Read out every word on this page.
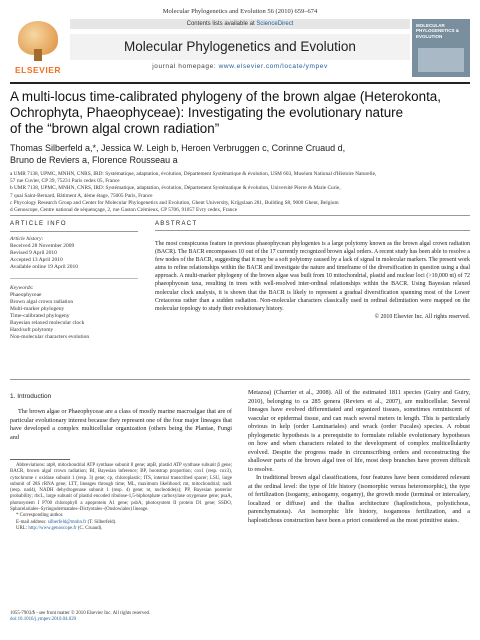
Molecular Phylogenetics and Evolution 56 (2010) 659–674
ELSEVIER
Contents lists available at ScienceDirect
Molecular Phylogenetics and Evolution
journal homepage: www.elsevier.com/locate/ympev
MOLECULAR PHYLOGENETICS & EVOLUTION
A multi-locus time-calibrated phylogeny of the brown algae (Heterokonta,
Ochrophyta, Phaeophyceae): Investigating the evolutionary nature
of the “brown algal crown radiation”
Thomas Silberfeld a,*, Jessica W. Leigh b, Heroen Verbruggen c, Corinne Cruaud d,
Bruno de Reviers a, Florence Rousseau a
a UMR 7138, UPMC, MNHN, CNRS, IRD: Systématique, adaptation, évolution, Département Systématique & évolution, USM 603, Muséum National d'Histoire Naturelle,
57 rue Cuvier, CP 39, 75231 Paris cedex 05, France
b UMR 7138, UPMC, MNHN, CNRS, IRD: Systématique, adaptation, évolution, Département Systématique & évolution, Université Pierre & Marie Curie,
7 quai Saint-Bernard, Bâtiment A, 4ème étage, 75005 Paris, France
c Phycology Research Group and Center for Molecular Phylogenetics and Evolution, Ghent University, Krijgslaan 281, Building S8, 9000 Ghent, Belgium
d Genoscope, Centre national de séquençage, 2, rue Gaston Crémieux, CP 5706, 91057 Evry cedex, France
ARTICLE INFO
Article history:
Received 28 November 2009
Revised 9 April 2010
Accepted 13 April 2010
Available online 19 April 2010
Keywords:
Phaeophyceae
Brown algal crown radiation
Multi-marker phylogeny
Time-calibrated phylogeny
Bayesian relaxed molecular clock
Hard/soft polytomy
Non-molecular characters evolution
ABSTRACT
The most conspicuous feature in previous phaeophycean phylogenies is a large polytomy known as the brown algal crown radiation (BACR). The BACR encompasses 10 out of the 17 currently recognized brown algal orders. A recent study has been able to resolve a few nodes of the BACR, suggesting that it may be a soft polytomy caused by a lack of signal in molecular markers. The present work aims to refine relationships within the BACR and investigate the nature and timeframe of the diversification in question using a dual approach. A multi-marker phylogeny of the brown algae was built from 10 mitochondrial, plastid and nuclear loci (>10,000 nt) of 72 phaeophycean taxa, resulting in trees with well-resolved inter-ordinal relationships within the BACR. Using Bayesian relaxed molecular clock analysis, it is shown that the BACR is likely to represent a gradual diversification spanning most of the Lower Cretaceous rather than a sudden radiation. Non-molecular characters classically used in ordinal delimitation were mapped on the molecular topology to study their evolutionary history.
© 2010 Elsevier Inc. All rights reserved.
1. Introduction
The brown algae or Phaeophyceae are a class of mostly marine macroalgae that are of particular evolutionary interest because they represent one of the four major lineages that have developed a complex multicellular organization (others being the Plantae, Fungi and
Metazoa) (Charrier et al., 2008). All of the estimated 1811 species (Guiry and Guiry, 2010), belonging to ca 285 genera (Reviers et al., 2007), are multicellular. Several lineages have evolved differentiated and organized tissues, sometimes reminiscent of vascular or epidermal tissue, and can reach several meters in length. This is particularly obvious in kelp (order Laminariales) and wrack (order Fucales) species. A robust phylogenetic hypothesis is a prerequisite to formulate reliable evolutionary hypotheses on how and when characters related to the development of complex multicellularity evolved. Despite the progress made in circumscribing orders and reconstructing the shallower parts of the brown algal tree of life, most deep branches have proven difficult to resolve.
In traditional brown algal classifications, four features have been considered relevant at the ordinal level: the type of life history (isomorphic versus heteromorphic), the type of fertilization (isogamy, anisogamy, oogamy), the growth mode (terminal or intercalary, localized or diffuse) and the thallus architecture (haplostichous, polystichous, parenchymatous). An isomorphic life history, isogamous fertilization, and a haplostichous construction have been a priori considered as the most primitive states.

Abbreviations: atp8, mitochondrial ATP synthase subunit 8 gene; atpB, plastid ATP synthase subunit β gene; BACR, brown algal crown radiation; BI, Bayesian inference; BP, bootstrap proportion; cox1 (resp. cox3), cytochrome c oxidase subunit 1 (resp. 3) gene; cp, chloroplastic; ITS, internal transcribed spacer; LSU, large subunit of 28S rRNA gene; LTT, lineages through time; ML, maximum likelihood; mt, mitochondrial; nad1 (resp. nad4), NADH dehydrogenase subunit 1 (resp. 4) gene; nt, nucleotide(s); PP, Bayesian posterior probability; rbcL, large subunit of plastid encoded ribulose-1,5-biphosphate carboxylase oxygenase gene; psaA, photosystem I P700 chlorophyll a apoprotein A1 gene; psbA, photosystem II protein D1 gene; SSDO, Sphacelariales–Syringodermatales–Dictyotales–(Onslowiales) lineage.

* Corresponding author.

E-mail address: silberfeld@mnhn.fr (T. Silberfeld).

URL: http://www.genoscope.fr (C. Cruaud).

1055-7903/$ - see front matter © 2010 Elsevier Inc. All rights reserved.
doi:10.1016/j.ympev.2010.04.020
